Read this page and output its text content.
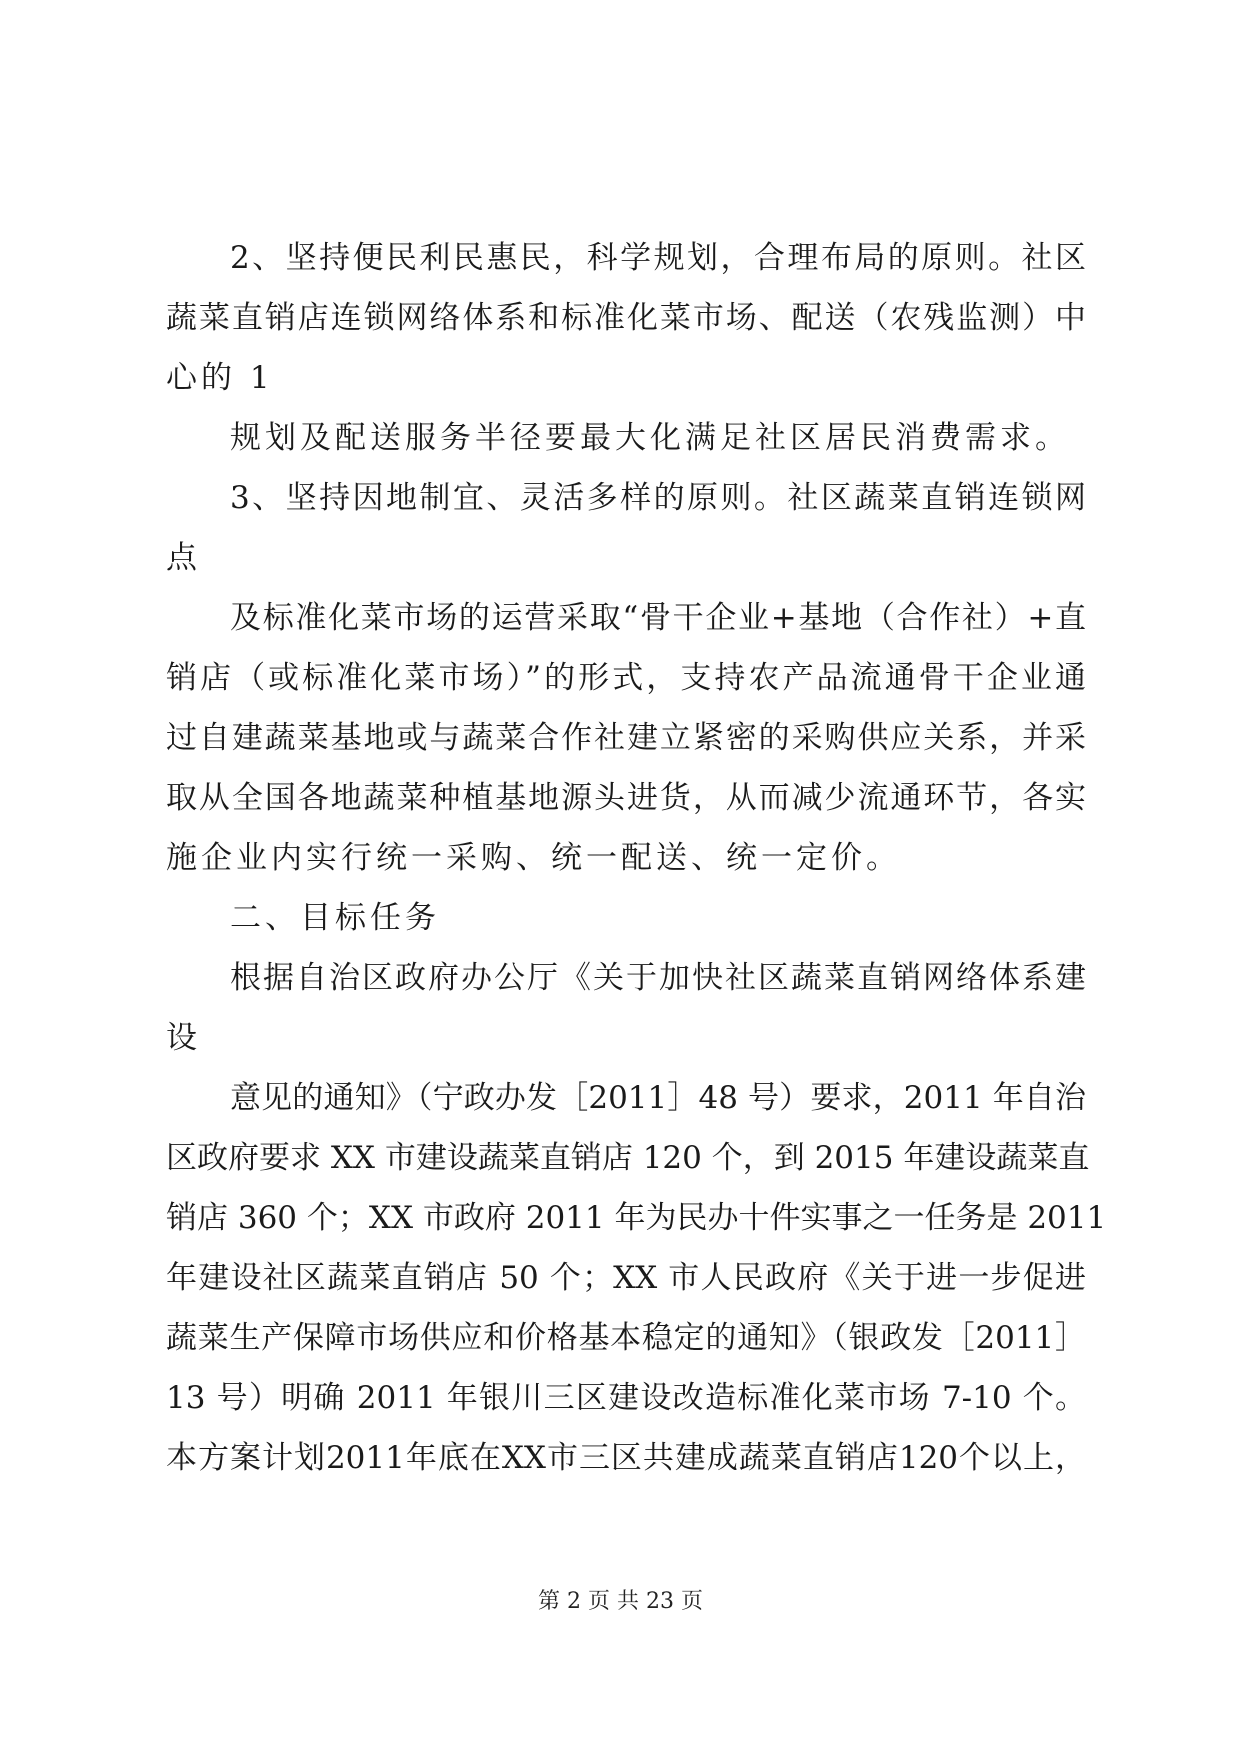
2、坚持便民利民惠民，科学规划，合理布局的原则。社区
蔬菜直销店连锁网络体系和标准化菜市场、配送（农残监测）中
心的 1
规划及配送服务半径要最大化满足社区居民消费需求。
3、坚持因地制宜、灵活多样的原则。社区蔬菜直销连锁网
点
及标准化菜市场的运营采取“骨干企业+基地（合作社）+直
销店（或标准化菜市场）”的形式，支持农产品流通骨干企业通
过自建蔬菜基地或与蔬菜合作社建立紧密的采购供应关系，并采
取从全国各地蔬菜种植基地源头进货，从而减少流通环节，各实
施企业内实行统一采购、统一配送、统一定价。
二、目标任务
根据自治区政府办公厅《关于加快社区蔬菜直销网络体系建
设
意见的通知》（宁政办发［2011］48 号）要求，2011 年自治
区政府要求 XX 市建设蔬菜直销店 120 个，到 2015 年建设蔬菜直
销店 360 个；XX 市政府 2011 年为民办十件实事之一任务是 2011
年建设社区蔬菜直销店 50 个；XX 市人民政府《关于进一步促进
蔬菜生产保障市场供应和价格基本稳定的通知》（银政发［2011］
13 号）明确 2011 年银川三区建设改造标准化菜市场 7-10 个。
本方案计划2011年底在XX市三区共建成蔬菜直销店120个以上，
第 2 页 共 23 页
